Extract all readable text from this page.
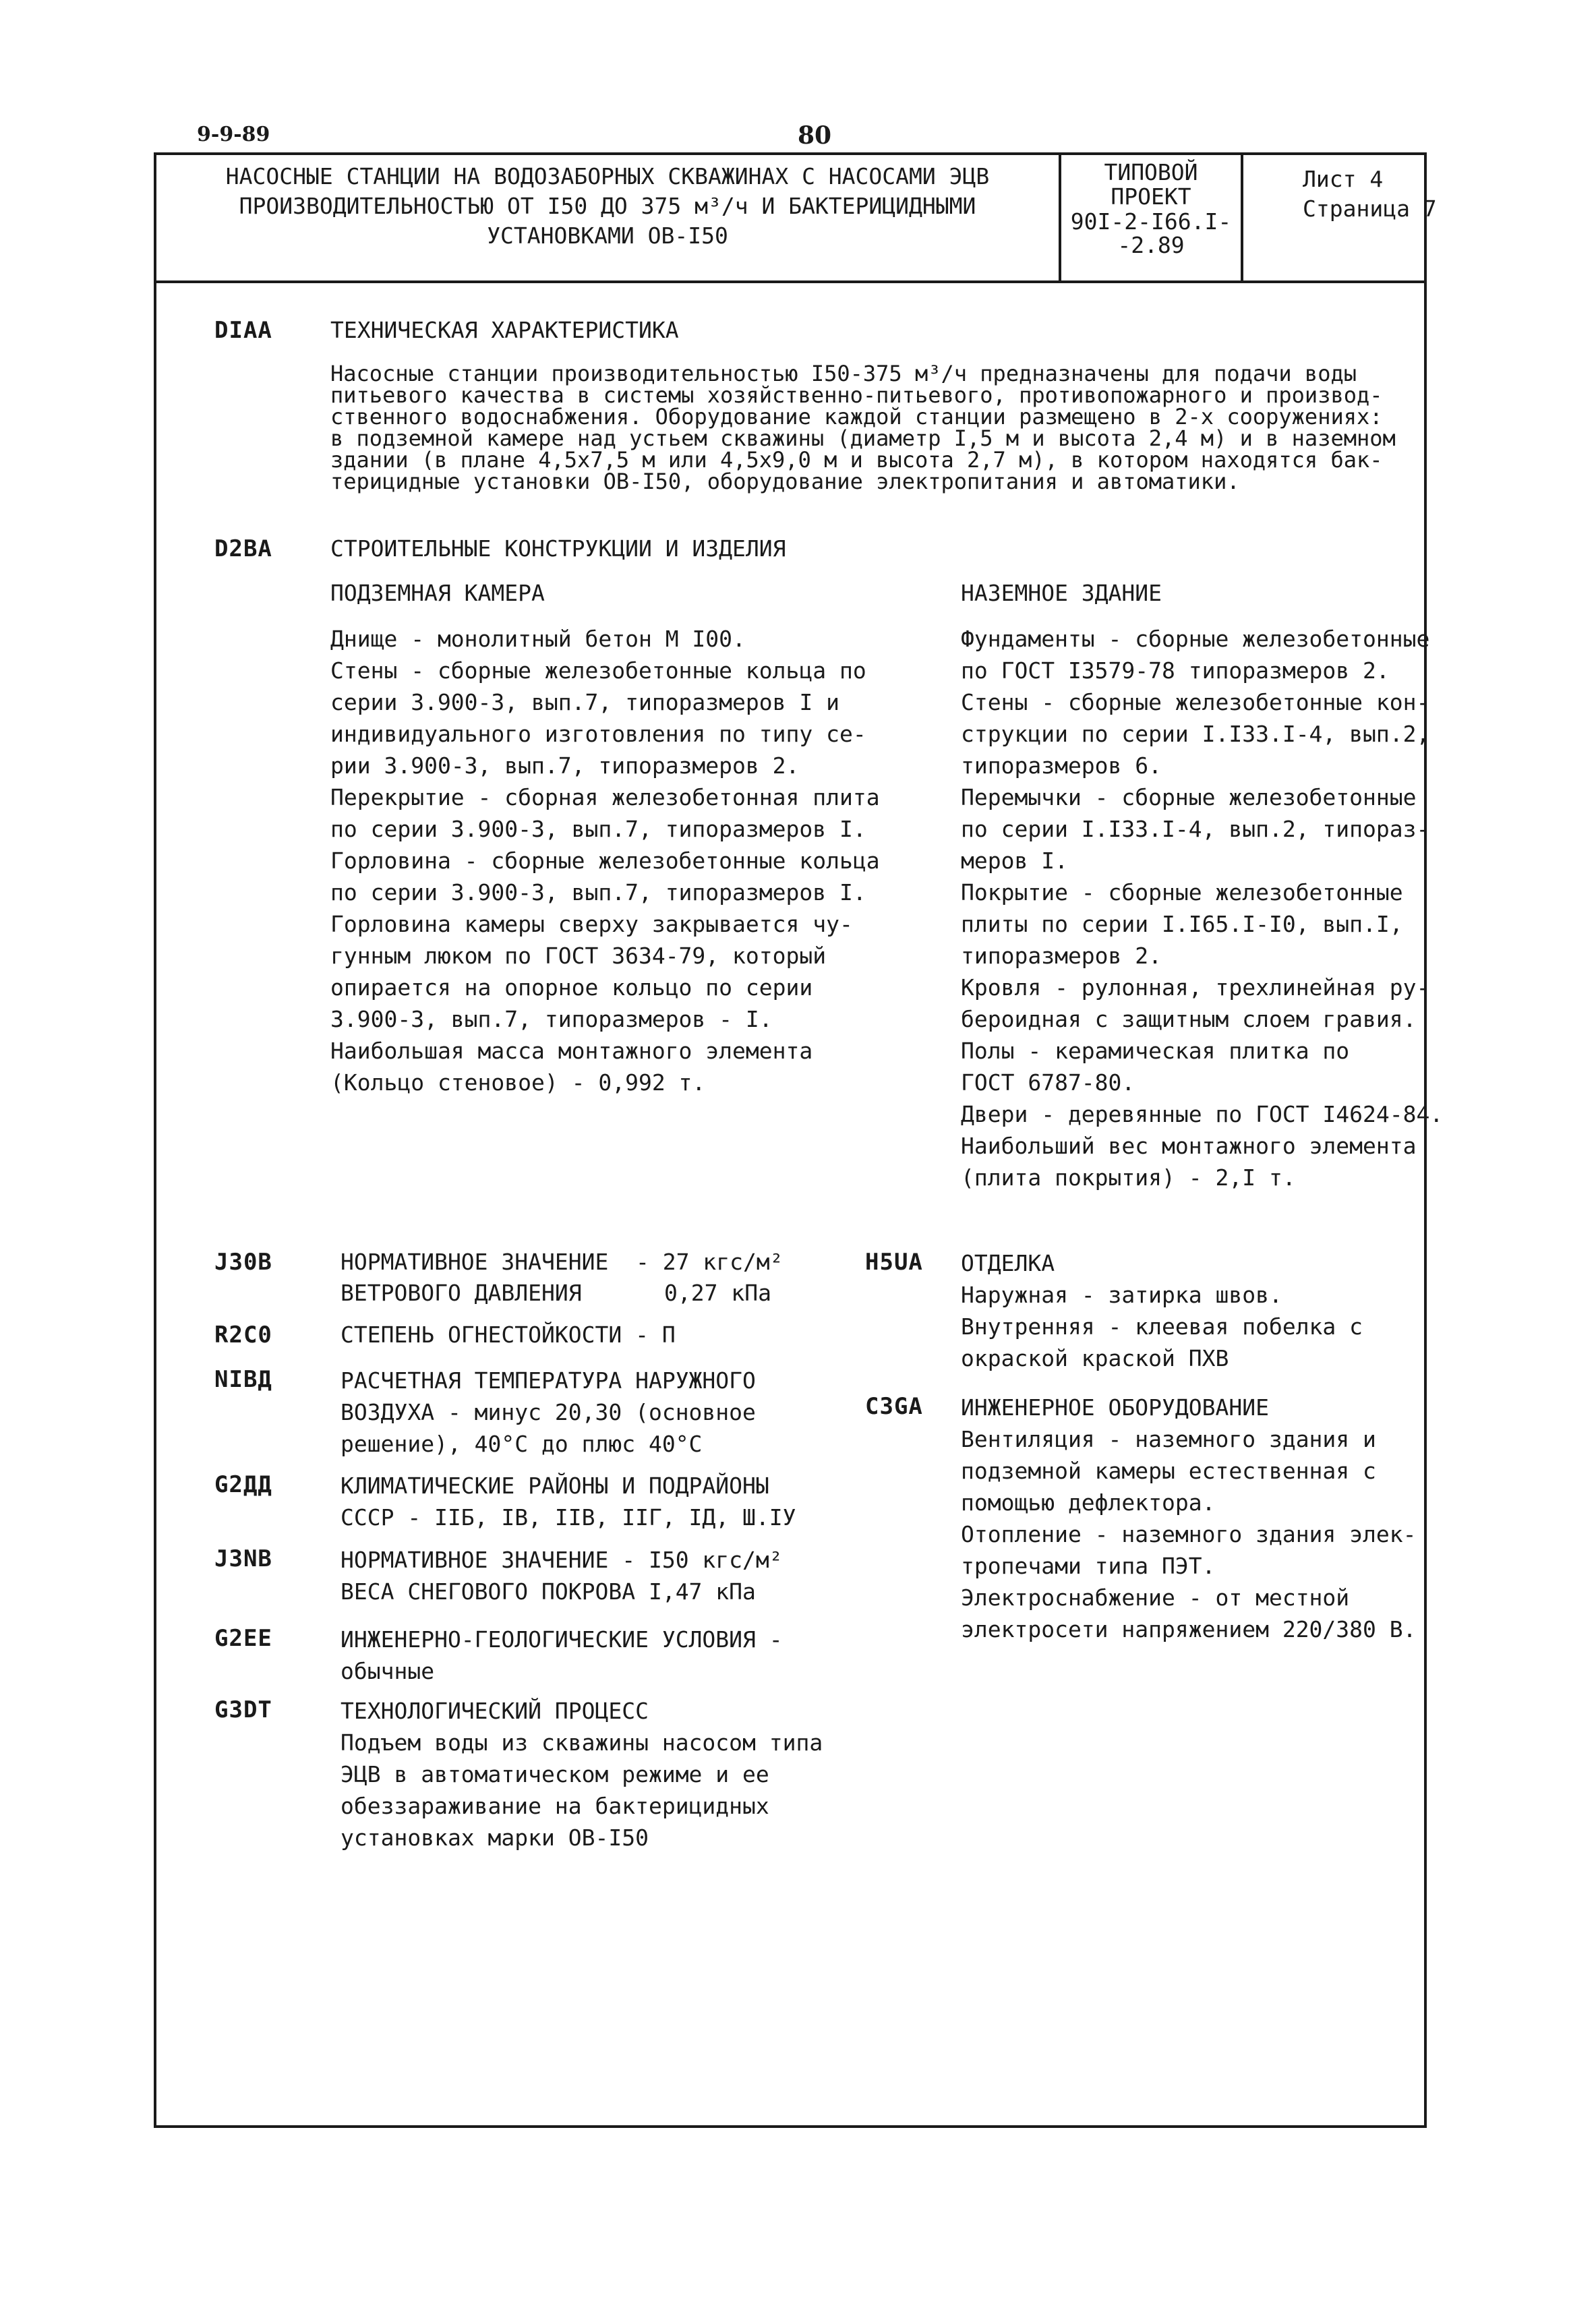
9-9-89	80
НАСОСНЫЕ СТАНЦИИ НА ВОДОЗАБОРНЫХ СКВАЖИНАХ С НАСОСАМИ ЭЦВ
ПРОИЗВОДИТЕЛЬНОСТЬЮ ОТ I50 ДО 375 м³/ч И БАКТЕРИЦИДНЫМИ
УСТАНОВКАМИ ОВ-I50
ТИПОВОЙ
ПРОЕКТ
90I-2-I66.I-
-2.89
Лист 4
Страница 7
DIAA	ТЕХНИЧЕСКАЯ ХАРАКТЕРИСТИКА
Насосные станции производительностью I50-375 м³/ч предназначены для подачи воды
питьевого качества в системы хозяйственно-питьевого, противопожарного и производ-
ственного водоснабжения. Оборудование каждой станции размещено в 2-х сооружениях:
в подземной камере над устьем скважины (диаметр I,5 м и высота 2,4 м) и в наземном
здании (в плане 4,5х7,5 м или 4,5х9,0 м и высота 2,7 м), в котором находятся бак-
терицидные установки ОВ-I50, оборудование электропитания и автоматики.
D2BA	СТРОИТЕЛЬНЫЕ КОНСТРУКЦИИ И ИЗДЕЛИЯ
ПОДЗЕМНАЯ КАМЕРА	НАЗЕМНОЕ ЗДАНИЕ
Днище - монолитный бетон М I00.
Стены - сборные железобетонные кольца по
серии 3.900-3, вып.7, типоразмеров I и
индивидуального изготовления по типу се-
рии 3.900-3, вып.7, типоразмеров 2.
Перекрытие - сборная железобетонная плита
по серии 3.900-3, вып.7, типоразмеров I.
Горловина - сборные железобетонные кольца
по серии 3.900-3, вып.7, типоразмеров I.
Горловина камеры сверху закрывается чу-
гунным люком по ГОСТ 3634-79, который
опирается на опорное кольцо по серии
3.900-3, вып.7, типоразмеров - I.
Наибольшая масса монтажного элемента
(Кольцо стеновое) - 0,992 т.
Фундаменты - сборные железобетонные
по ГОСТ I3579-78 типоразмеров 2.
Стены - сборные железобетонные кон-
струкции по серии I.I33.I-4, вып.2,
типоразмеров 6.
Перемычки - сборные железобетонные
по серии I.I33.I-4, вып.2, типораз-
меров I.
Покрытие - сборные железобетонные
плиты по серии I.I65.I-I0, вып.I,
типоразмеров 2.
Кровля - рулонная, трехлинейная ру-
бероидная с защитным слоем гравия.
Полы - керамическая плитка по
ГОСТ 6787-80.
Двери - деревянные по ГОСТ I4624-84.
Наибольший вес монтажного элемента
(плита покрытия) - 2,I т.
J30B	НОРМАТИВНОЕ ЗНАЧЕНИЕ - 27 кгс/м²
ВЕТРОВОГО ДАВЛЕНИЯ	0,27 кПа
R2C0	СТЕПЕНЬ ОГНЕСТОЙКОСТИ - П
NIBД	РАСЧЕТНАЯ ТЕМПЕРАТУРА НАРУЖНОГО
ВОЗДУХА - минус 20,30 (основное
решение), 40°С до плюс 40°С
G2ДД	КЛИМАТИЧЕСКИЕ РАЙОНЫ И ПОДРАЙОНЫ
СССР - IIБ, IВ, IIВ, IIГ, IД, Ш.IУ
J3NB	НОРМАТИВНОЕ ЗНАЧЕНИЕ - I50 кгс/м²
ВЕСА СНЕГОВОГО ПОКРОВА I,47 кПа
G2EE	ИНЖЕНЕРНО-ГЕОЛОГИЧЕСКИЕ УСЛОВИЯ -
обычные
G3DT	ТЕХНОЛОГИЧЕСКИЙ ПРОЦЕСС
Подъем воды из скважины насосом типа
ЭЦВ в автоматическом режиме и ее
обеззараживание на бактерицидных
установках марки ОВ-I50
H5UA ОТДЕЛКА
Наружная - затирка швов.
Внутренняя - клеевая побелка с
окраской краской ПХВ
C3GA ИНЖЕНЕРНОЕ ОБОРУДОВАНИЕ
Вентиляция - наземного здания и
подземной камеры естественная с
помощью дефлектора.
Отопление - наземного здания элек-
тропечами типа ПЭТ.
Электроснабжение - от местной
электросети напряжением 220/380 В.
